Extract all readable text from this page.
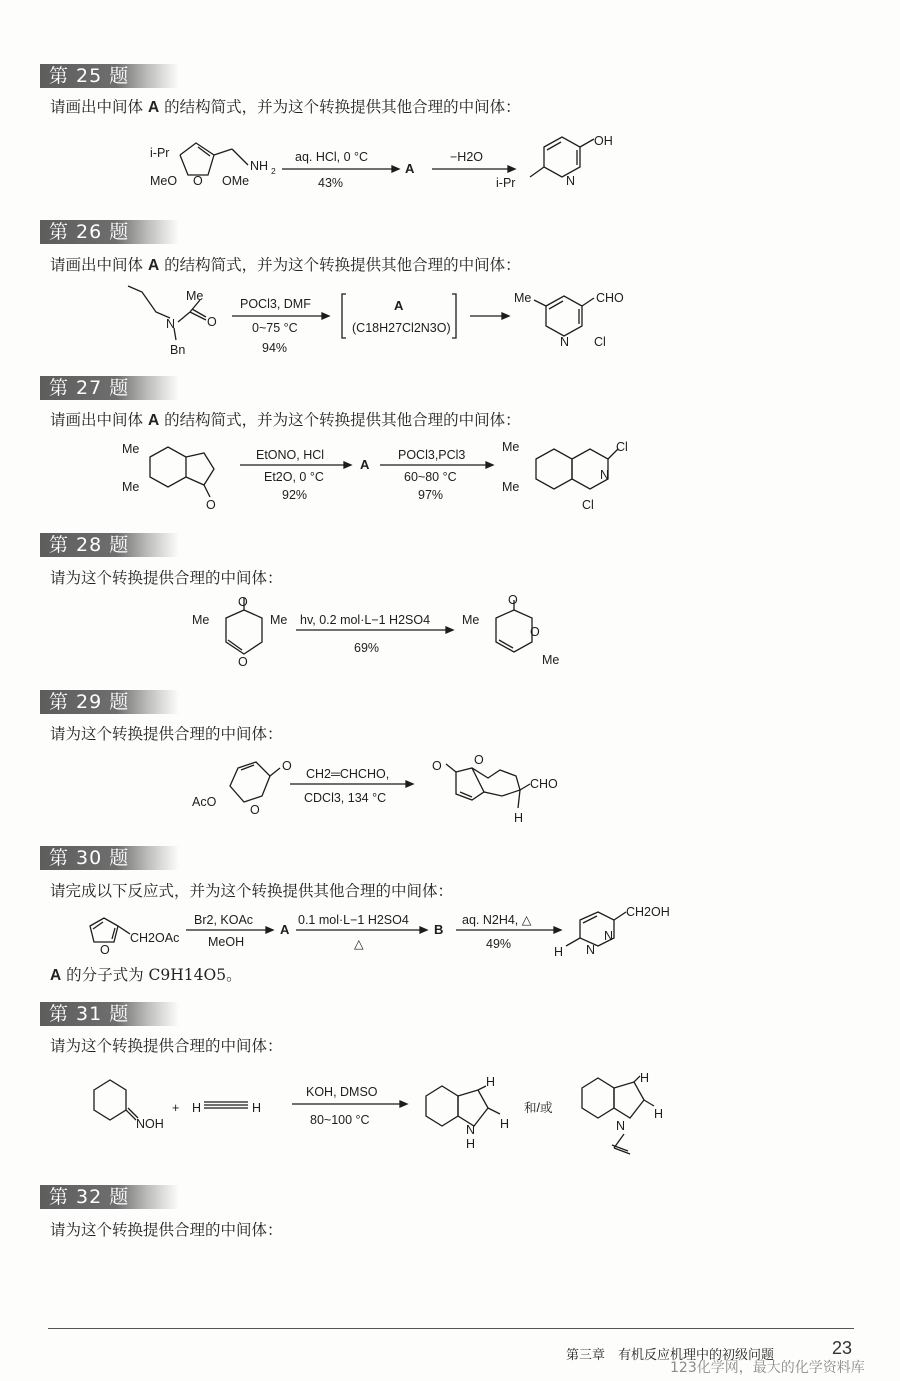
第 25 题
请画出中间体 A 的结构简式，并为这个转换提供其他合理的中间体：
i-Pr
NH 2
MeO O OMe
aq. HCl, 0 °C
43%
A
−H2O
OH
N
i-Pr
第 26 题
请画出中间体 A 的结构简式，并为这个转换提供其他合理的中间体：
Me
O
N
Bn
POCl3, DMF
0~75 °C
94%
A
(C18H27Cl2N3O)
Me	CHO
N Cl
第 27 题
请画出中间体 A 的结构简式，并为这个转换提供其他合理的中间体：
Me
Me
O
EtONO, HCl
Et2O, 0 °C
92%
A
POCl3,PCl3
60~80 °C
97%
Me
Me
Cl
N
Cl
第 28 题
请为这个转换提供合理的中间体：
O
Me	Me
O
hv, 0.2 mol·L−1 H2SO4
69%
O
Me
O
Me
第 29 题
请为这个转换提供合理的中间体：
O
AcO
O
CH2═CHCHO,
CDCl3, 134 °C
O	O
CHO
H
第 30 题
请完成以下反应式，并为这个转换提供其他合理的中间体：
O
CH2OAc
Br2, KOAc
MeOH
A
0.1 mol·L−1 H2SO4
△
B
aq. N2H4, △
49%
CH2OH
N
N
H
A 的分子式为 C9H14O5。
第 31 题
请为这个转换提供合理的中间体：
NOH
+ H	H
KOH, DMSO
80~100 °C
H
H
N
H
和/或
H
H
N
第 32 题
请为这个转换提供合理的中间体：
第三章　有机反应机理中的初级问题	23
123化学网，最大的化学资料库
